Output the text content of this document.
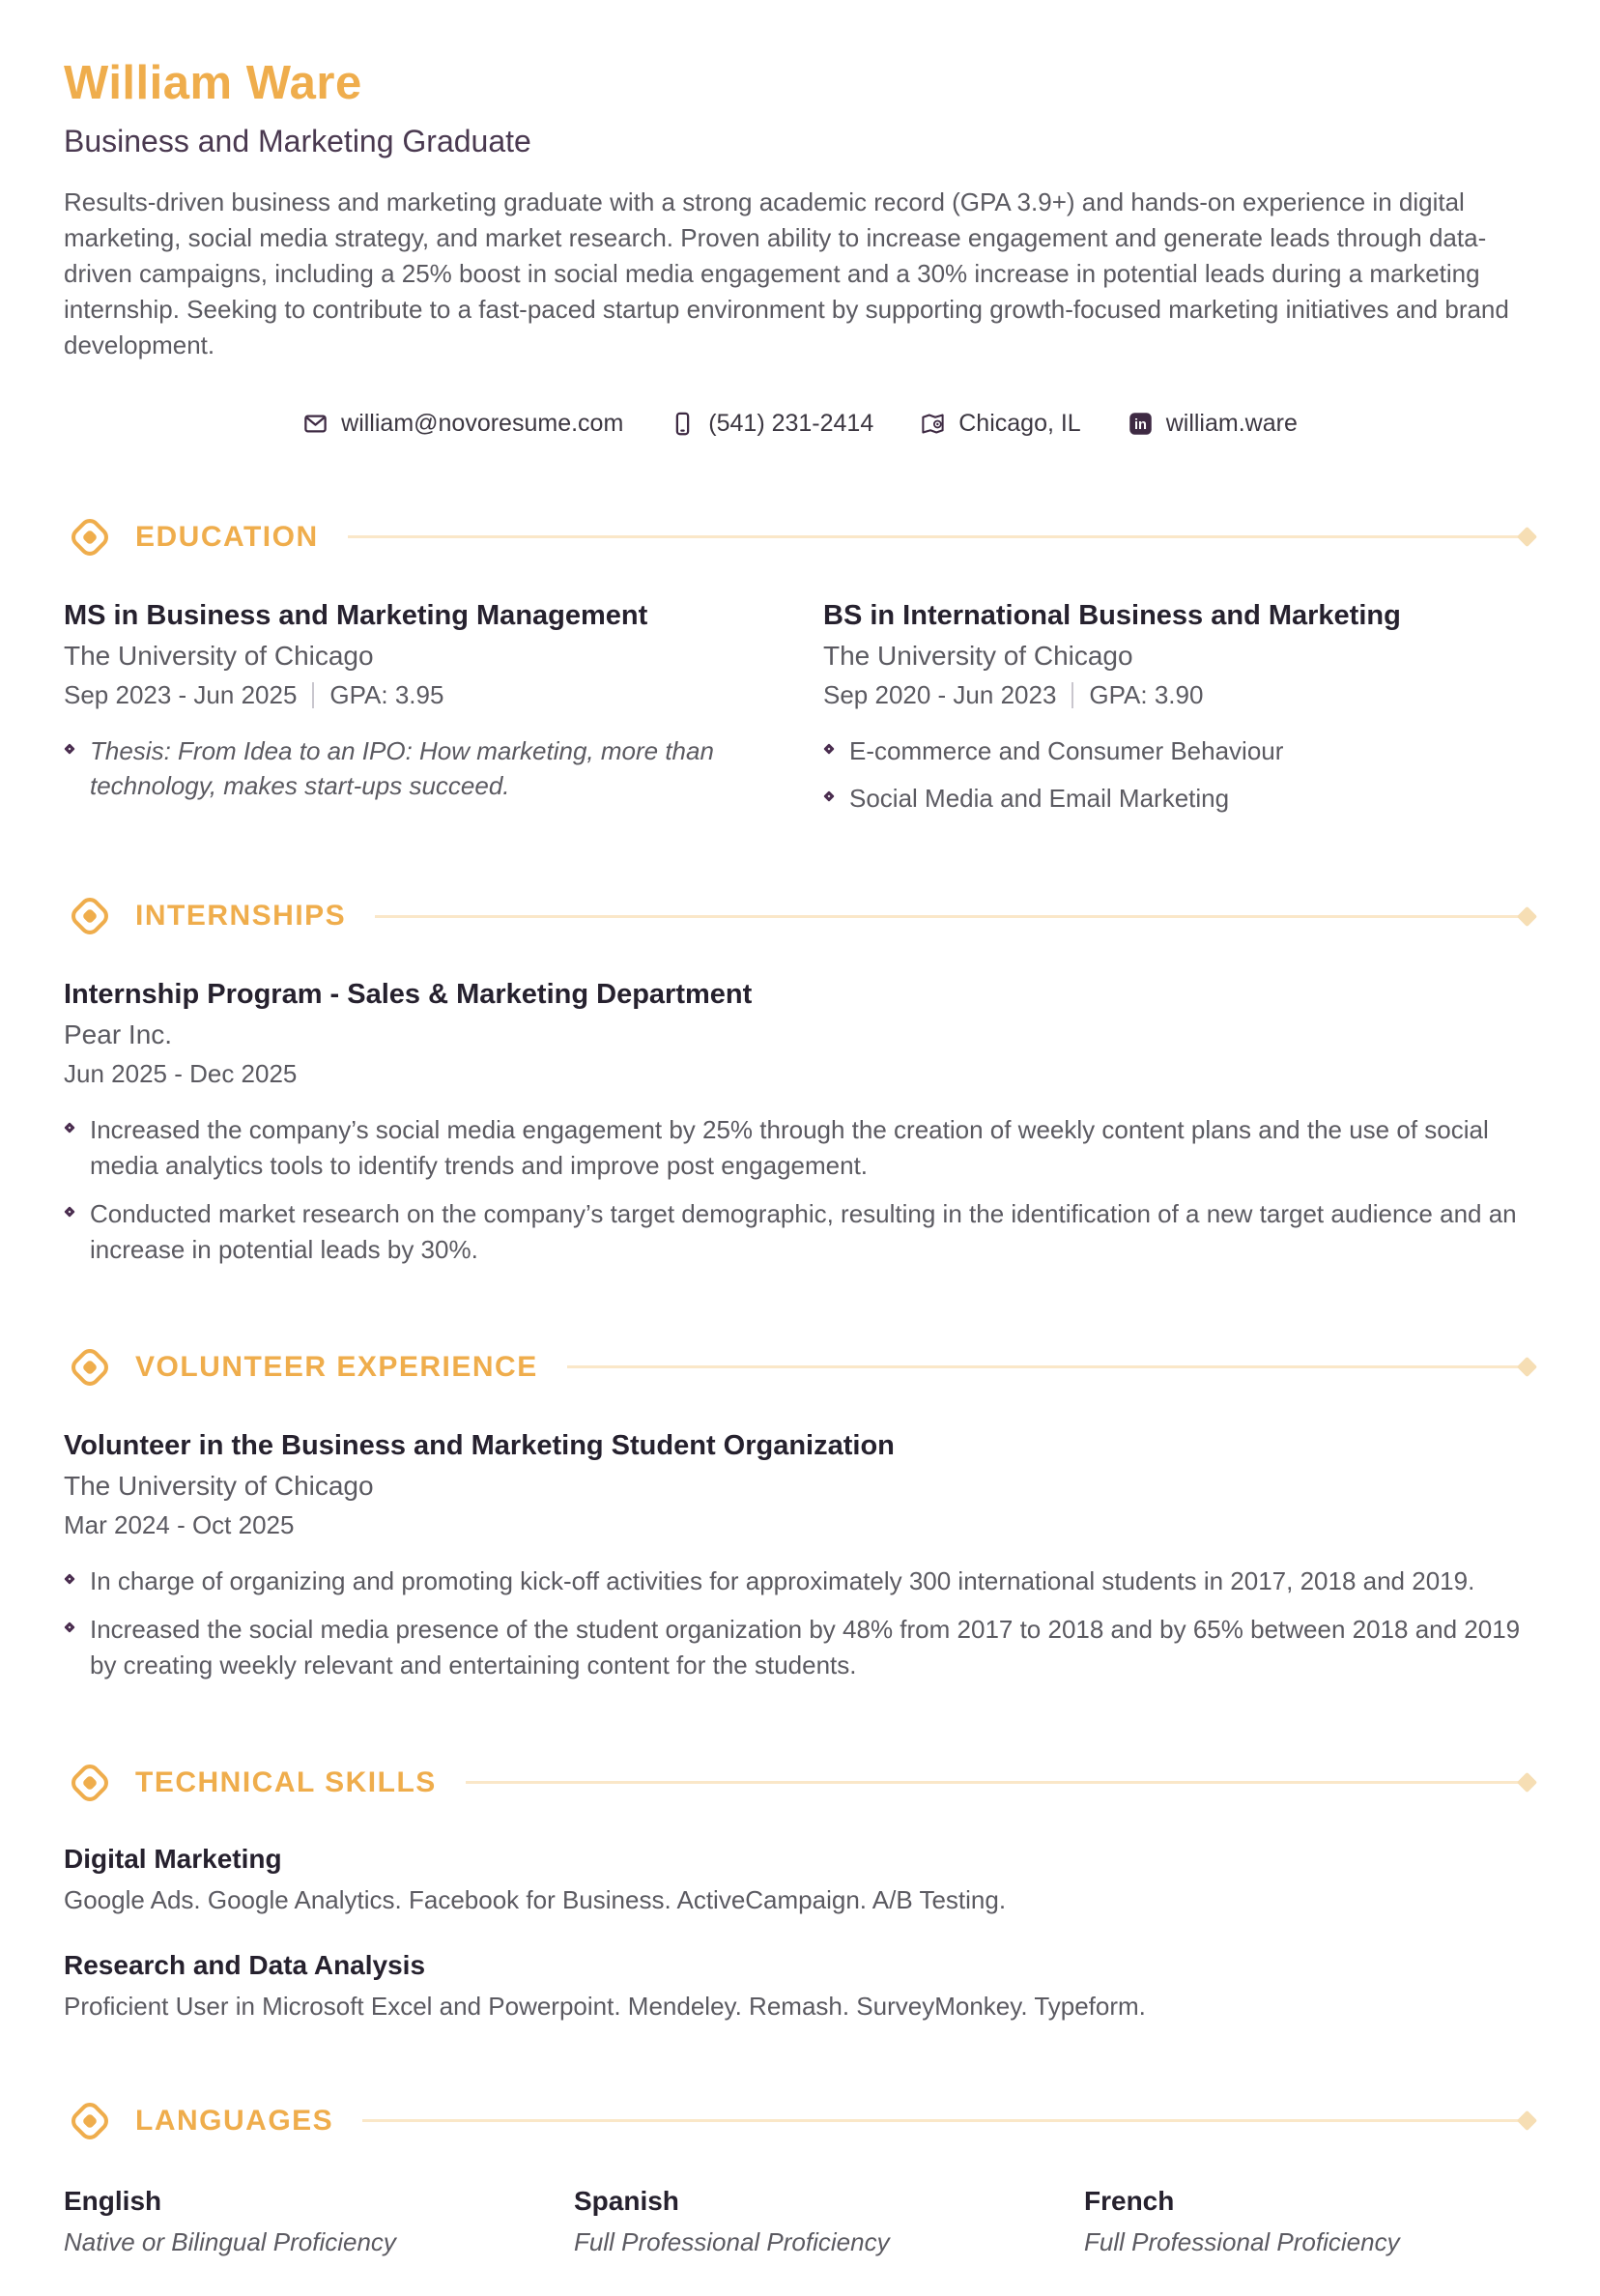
William Ware
Business and Marketing Graduate
Results-driven business and marketing graduate with a strong academic record (GPA 3.9+) and hands-on experience in digital marketing, social media strategy, and market research. Proven ability to increase engagement and generate leads through data-driven campaigns, including a 25% boost in social media engagement and a 30% increase in potential leads during a marketing internship. Seeking to contribute to a fast-paced startup environment by supporting growth-focused marketing initiatives and brand development.
william@novoresume.com	(541) 231-2414	Chicago, IL	in william.ware
EDUCATION
MS in Business and Marketing Management
The University of Chicago
Sep 2023 - Jun 2025 GPA: 3.95
Thesis: From Idea to an IPO: How marketing, more than technology, makes start-ups succeed.
BS in International Business and Marketing
The University of Chicago
Sep 2020 - Jun 2023 GPA: 3.90
E-commerce and Consumer Behaviour
Social Media and Email Marketing
INTERNSHIPS
Internship Program - Sales & Marketing Department
Pear Inc.
Jun 2025 - Dec 2025
Increased the company’s social media engagement by 25% through the creation of weekly content plans and the use of social media analytics tools to identify trends and improve post engagement.
Conducted market research on the company’s target demographic, resulting in the identification of a new target audience and an increase in potential leads by 30%.
VOLUNTEER EXPERIENCE
Volunteer in the Business and Marketing Student Organization
The University of Chicago
Mar 2024 - Oct 2025
In charge of organizing and promoting kick-off activities for approximately 300 international students in 2017, 2018 and 2019.
Increased the social media presence of the student organization by 48% from 2017 to 2018 and by 65% between 2018 and 2019 by creating weekly relevant and entertaining content for the students.
TECHNICAL SKILLS
Digital Marketing
Google Ads. Google Analytics. Facebook for Business. ActiveCampaign. A/B Testing.
Research and Data Analysis
Proficient User in Microsoft Excel and Powerpoint. Mendeley. Remash. SurveyMonkey. Typeform.
LANGUAGES
English
Native or Bilingual Proficiency
Spanish
Full Professional Proficiency
French
Full Professional Proficiency
